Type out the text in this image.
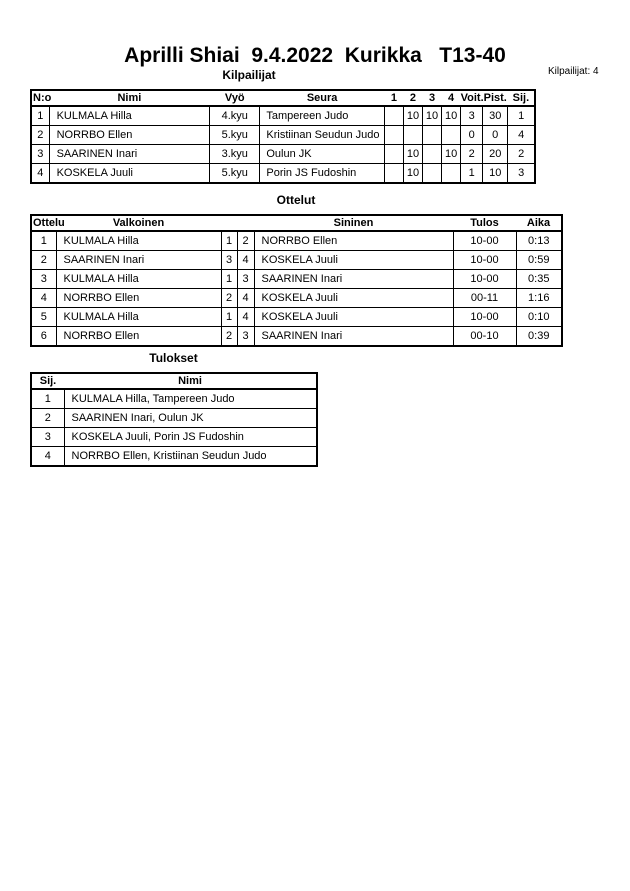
Aprilli Shiai  9.4.2022  Kurikka   T13-40
Kilpailijat	Kilpailijat: 4
N:o	Nimi	Vyö	Seura	1	2	3	4	Voit.	Pist.	Sij.
1	KULMALA Hilla	4.kyu	Tampereen Judo		10	10	10	3	30	1
2	NORRBO Ellen	5.kyu	Kristiinan Seudun Judo					0	0	4
3	SAARINEN Inari	3.kyu	Oulun JK		10		10	2	20	2
4	KOSKELA Juuli	5.kyu	Porin JS Fudoshin		10			1	10	3
Ottelut
Ottelu	Valkoinen			Sininen	Tulos	Aika
1	KULMALA Hilla	1	2	NORRBO Ellen	10-00	0:13
2	SAARINEN Inari	3	4	KOSKELA Juuli	10-00	0:59
3	KULMALA Hilla	1	3	SAARINEN Inari	10-00	0:35
4	NORRBO Ellen	2	4	KOSKELA Juuli	00-11	1:16
5	KULMALA Hilla	1	4	KOSKELA Juuli	10-00	0:10
6	NORRBO Ellen	2	3	SAARINEN Inari	00-10	0:39
Tulokset
Sij.	Nimi
1	KULMALA Hilla, Tampereen Judo
2	SAARINEN Inari, Oulun JK
3	KOSKELA Juuli, Porin JS Fudoshin
4	NORRBO Ellen, Kristiinan Seudun Judo
